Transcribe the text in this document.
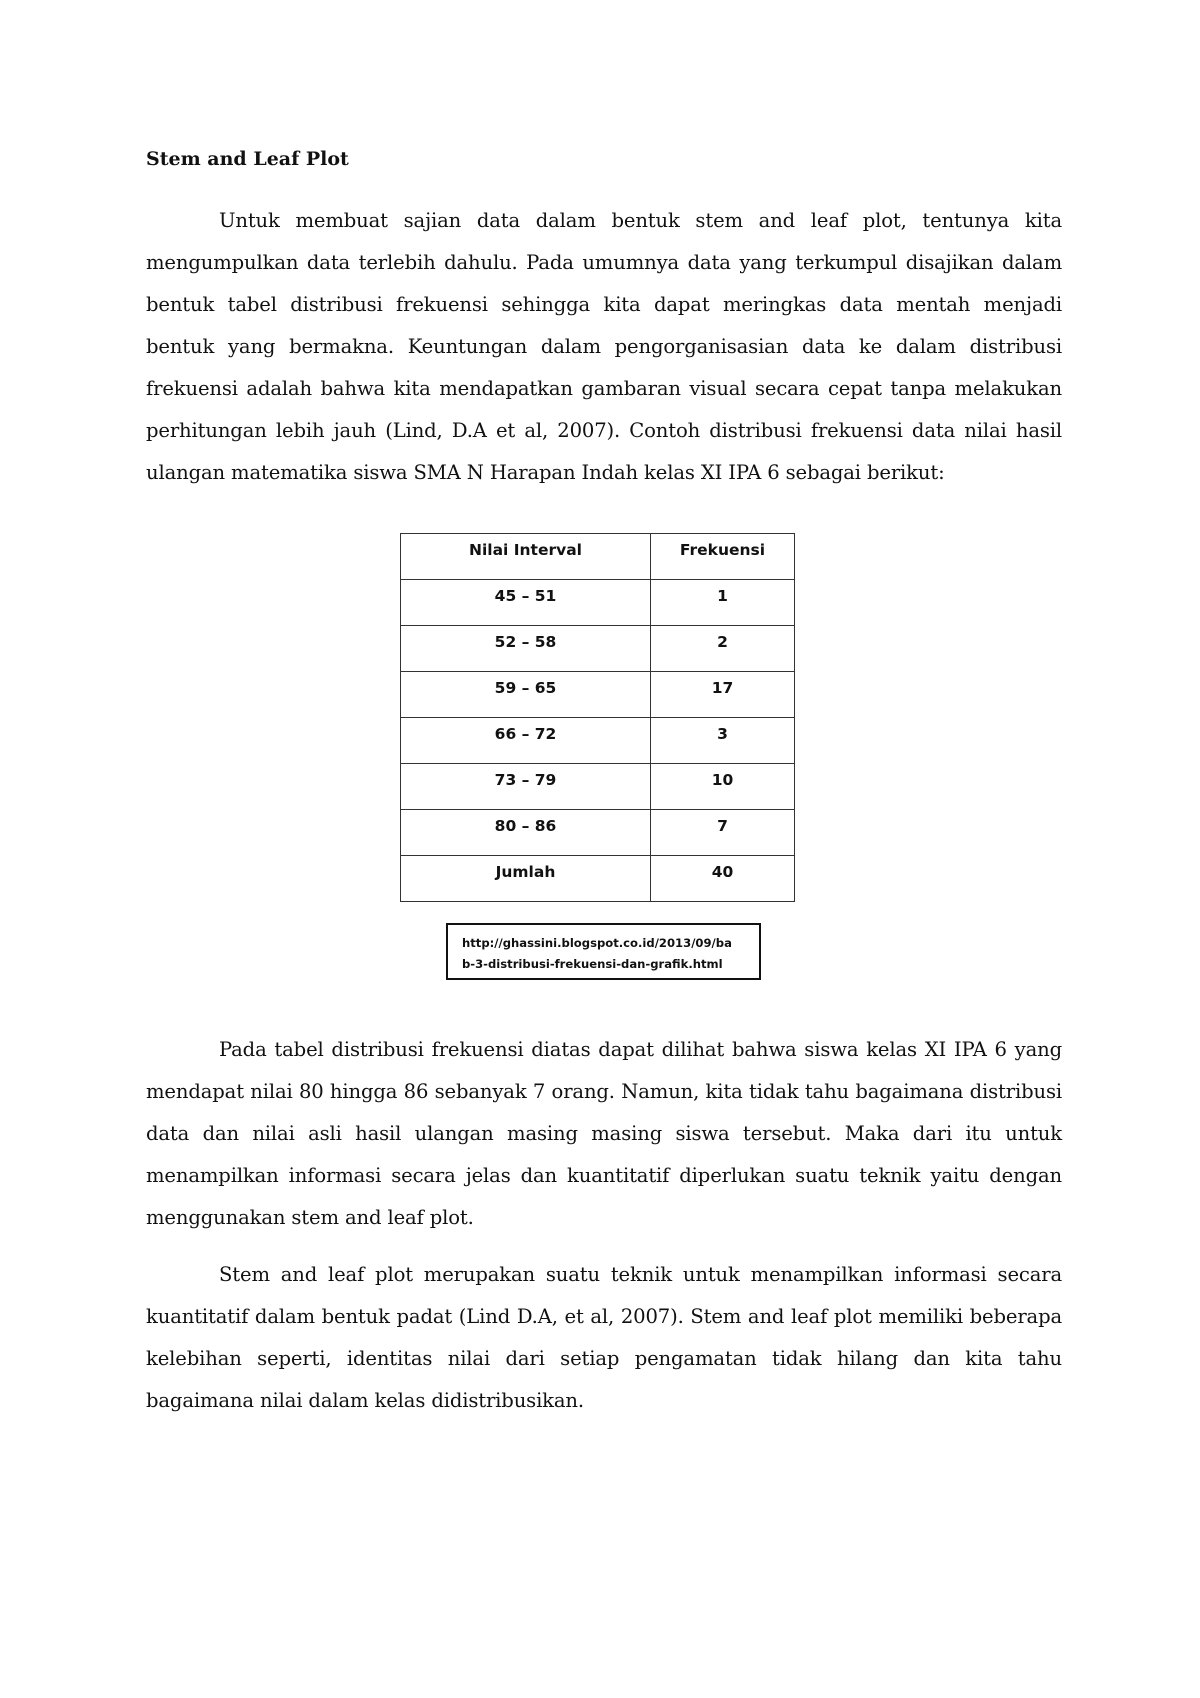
Stem and Leaf Plot

Untuk membuat sajian data dalam bentuk stem and leaf plot, tentunya kita mengumpulkan data terlebih dahulu. Pada umumnya data yang terkumpul disajikan dalam bentuk tabel distribusi frekuensi sehingga kita dapat meringkas data mentah menjadi bentuk yang bermakna. Keuntungan dalam pengorganisasian data ke dalam distribusi frekuensi adalah bahwa kita mendapatkan gambaran visual secara cepat tanpa melakukan perhitungan lebih jauh (Lind, D.A et al, 2007). Contoh distribusi frekuensi data nilai hasil ulangan matematika siswa SMA N Harapan Indah kelas XI IPA 6 sebagai berikut:

Nilai Interval	Frekuensi
45 – 51	1
52 – 58	2
59 – 65	17
66 – 72	3
73 – 79	10
80 – 86	7
Jumlah	40
http://ghassini.blogspot.co.id/2013/09/ba
b-3-distribusi-frekuensi-dan-grafik.html

Pada tabel distribusi frekuensi diatas dapat dilihat bahwa siswa kelas XI IPA 6 yang mendapat nilai 80 hingga 86 sebanyak 7 orang. Namun, kita tidak tahu bagaimana distribusi data dan nilai asli hasil ulangan masing masing siswa tersebut. Maka dari itu untuk menampilkan informasi secara jelas dan kuantitatif diperlukan suatu teknik yaitu dengan menggunakan stem and leaf plot.

Stem and leaf plot merupakan suatu teknik untuk menampilkan informasi secara kuantitatif dalam bentuk padat (Lind D.A, et al, 2007). Stem and leaf plot memiliki beberapa kelebihan seperti, identitas nilai dari setiap pengamatan tidak hilang dan kita tahu bagaimana nilai dalam kelas didistribusikan.
